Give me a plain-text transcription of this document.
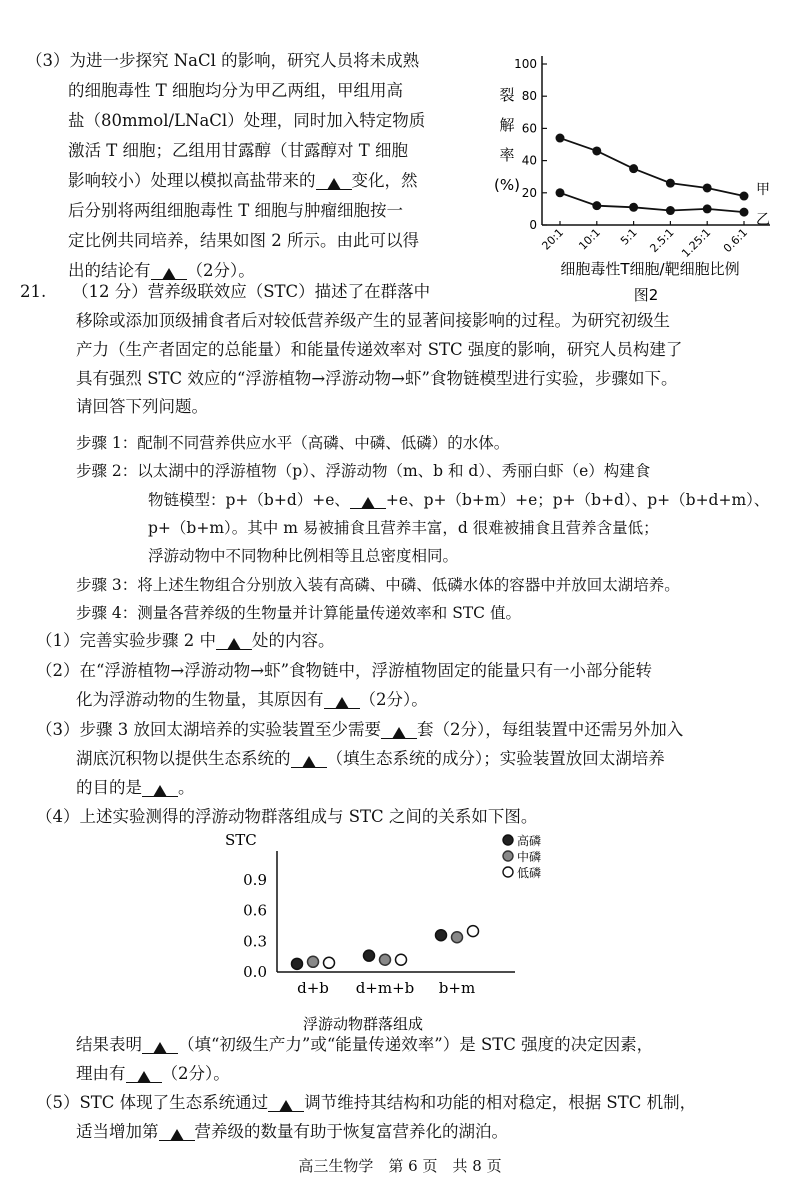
（3）为进一步探究 NaCl 的影响，研究人员将未成熟
的细胞毒性 T 细胞均分为甲乙两组，甲组用高
盐（80mmol/LNaCl）处理，同时加入特定物质
激活 T 细胞；乙组用甘露醇（甘露醇对 T 细胞
影响较小）处理以模拟高盐带来的 变化，然
后分别将两组细胞毒性 T 细胞与肿瘤细胞按一
定比例共同培养，结果如图 2 所示。由此可以得
出的结论有 （2分）。
0
20
40
60
80
100
20:1 10:1 5:1 2.5:1 1.25:1 0.6:1
裂
解
率
(%)	甲
乙
细胞毒性T细胞/靶细胞比例
图2
21. （12 分）营养级联效应（STC）描述了在群落中
移除或添加顶级捕食者后对较低营养级产生的显著间接影响的过程。为研究初级生
产力（生产者固定的总能量）和能量传递效率对 STC 强度的影响，研究人员构建了
具有强烈 STC 效应的“浮游植物→浮游动物→虾”食物链模型进行实验，步骤如下。
请回答下列问题。
步骤 1：配制不同营养供应水平（高磷、中磷、低磷）的水体。
步骤 2：以太湖中的浮游植物（p）、浮游动物（m、b 和 d）、秀丽白虾（e）构建食
物链模型：p+（b+d）+e、 +e、p+（b+m）+e；p+（b+d）、p+（b+d+m）、
p+（b+m）。其中 m 易被捕食且营养丰富，d 很难被捕食且营养含量低；
浮游动物中不同物种比例相等且总密度相同。
步骤 3：将上述生物组合分别放入装有高磷、中磷、低磷水体的容器中并放回太湖培养。
步骤 4：测量各营养级的生物量并计算能量传递效率和 STC 值。
（1）完善实验步骤 2 中 处的内容。
（2）在“浮游植物→浮游动物→虾”食物链中，浮游植物固定的能量只有一小部分能转
化为浮游动物的生物量，其原因有 （2分）。
（3）步骤 3 放回太湖培养的实验装置至少需要 套（2分），每组装置中还需另外加入
湖底沉积物以提供生态系统的 （填生态系统的成分）；实验装置放回太湖培养
的目的是 。
（4）上述实验测得的浮游动物群落组成与 STC 之间的关系如下图。
0.0
0.3
0.6
0.9
d+b d+m+b b+m
高磷
中磷
低磷
STC
浮游动物群落组成
结果表明 （填“初级生产力”或“能量传递效率”）是 STC 强度的决定因素，
理由有 （2分）。
（5）STC 体现了生态系统通过 调节维持其结构和功能的相对稳定，根据 STC 机制，
适当增加第 营养级的数量有助于恢复富营养化的湖泊。
高三生物学　第 6 页　共 8 页
